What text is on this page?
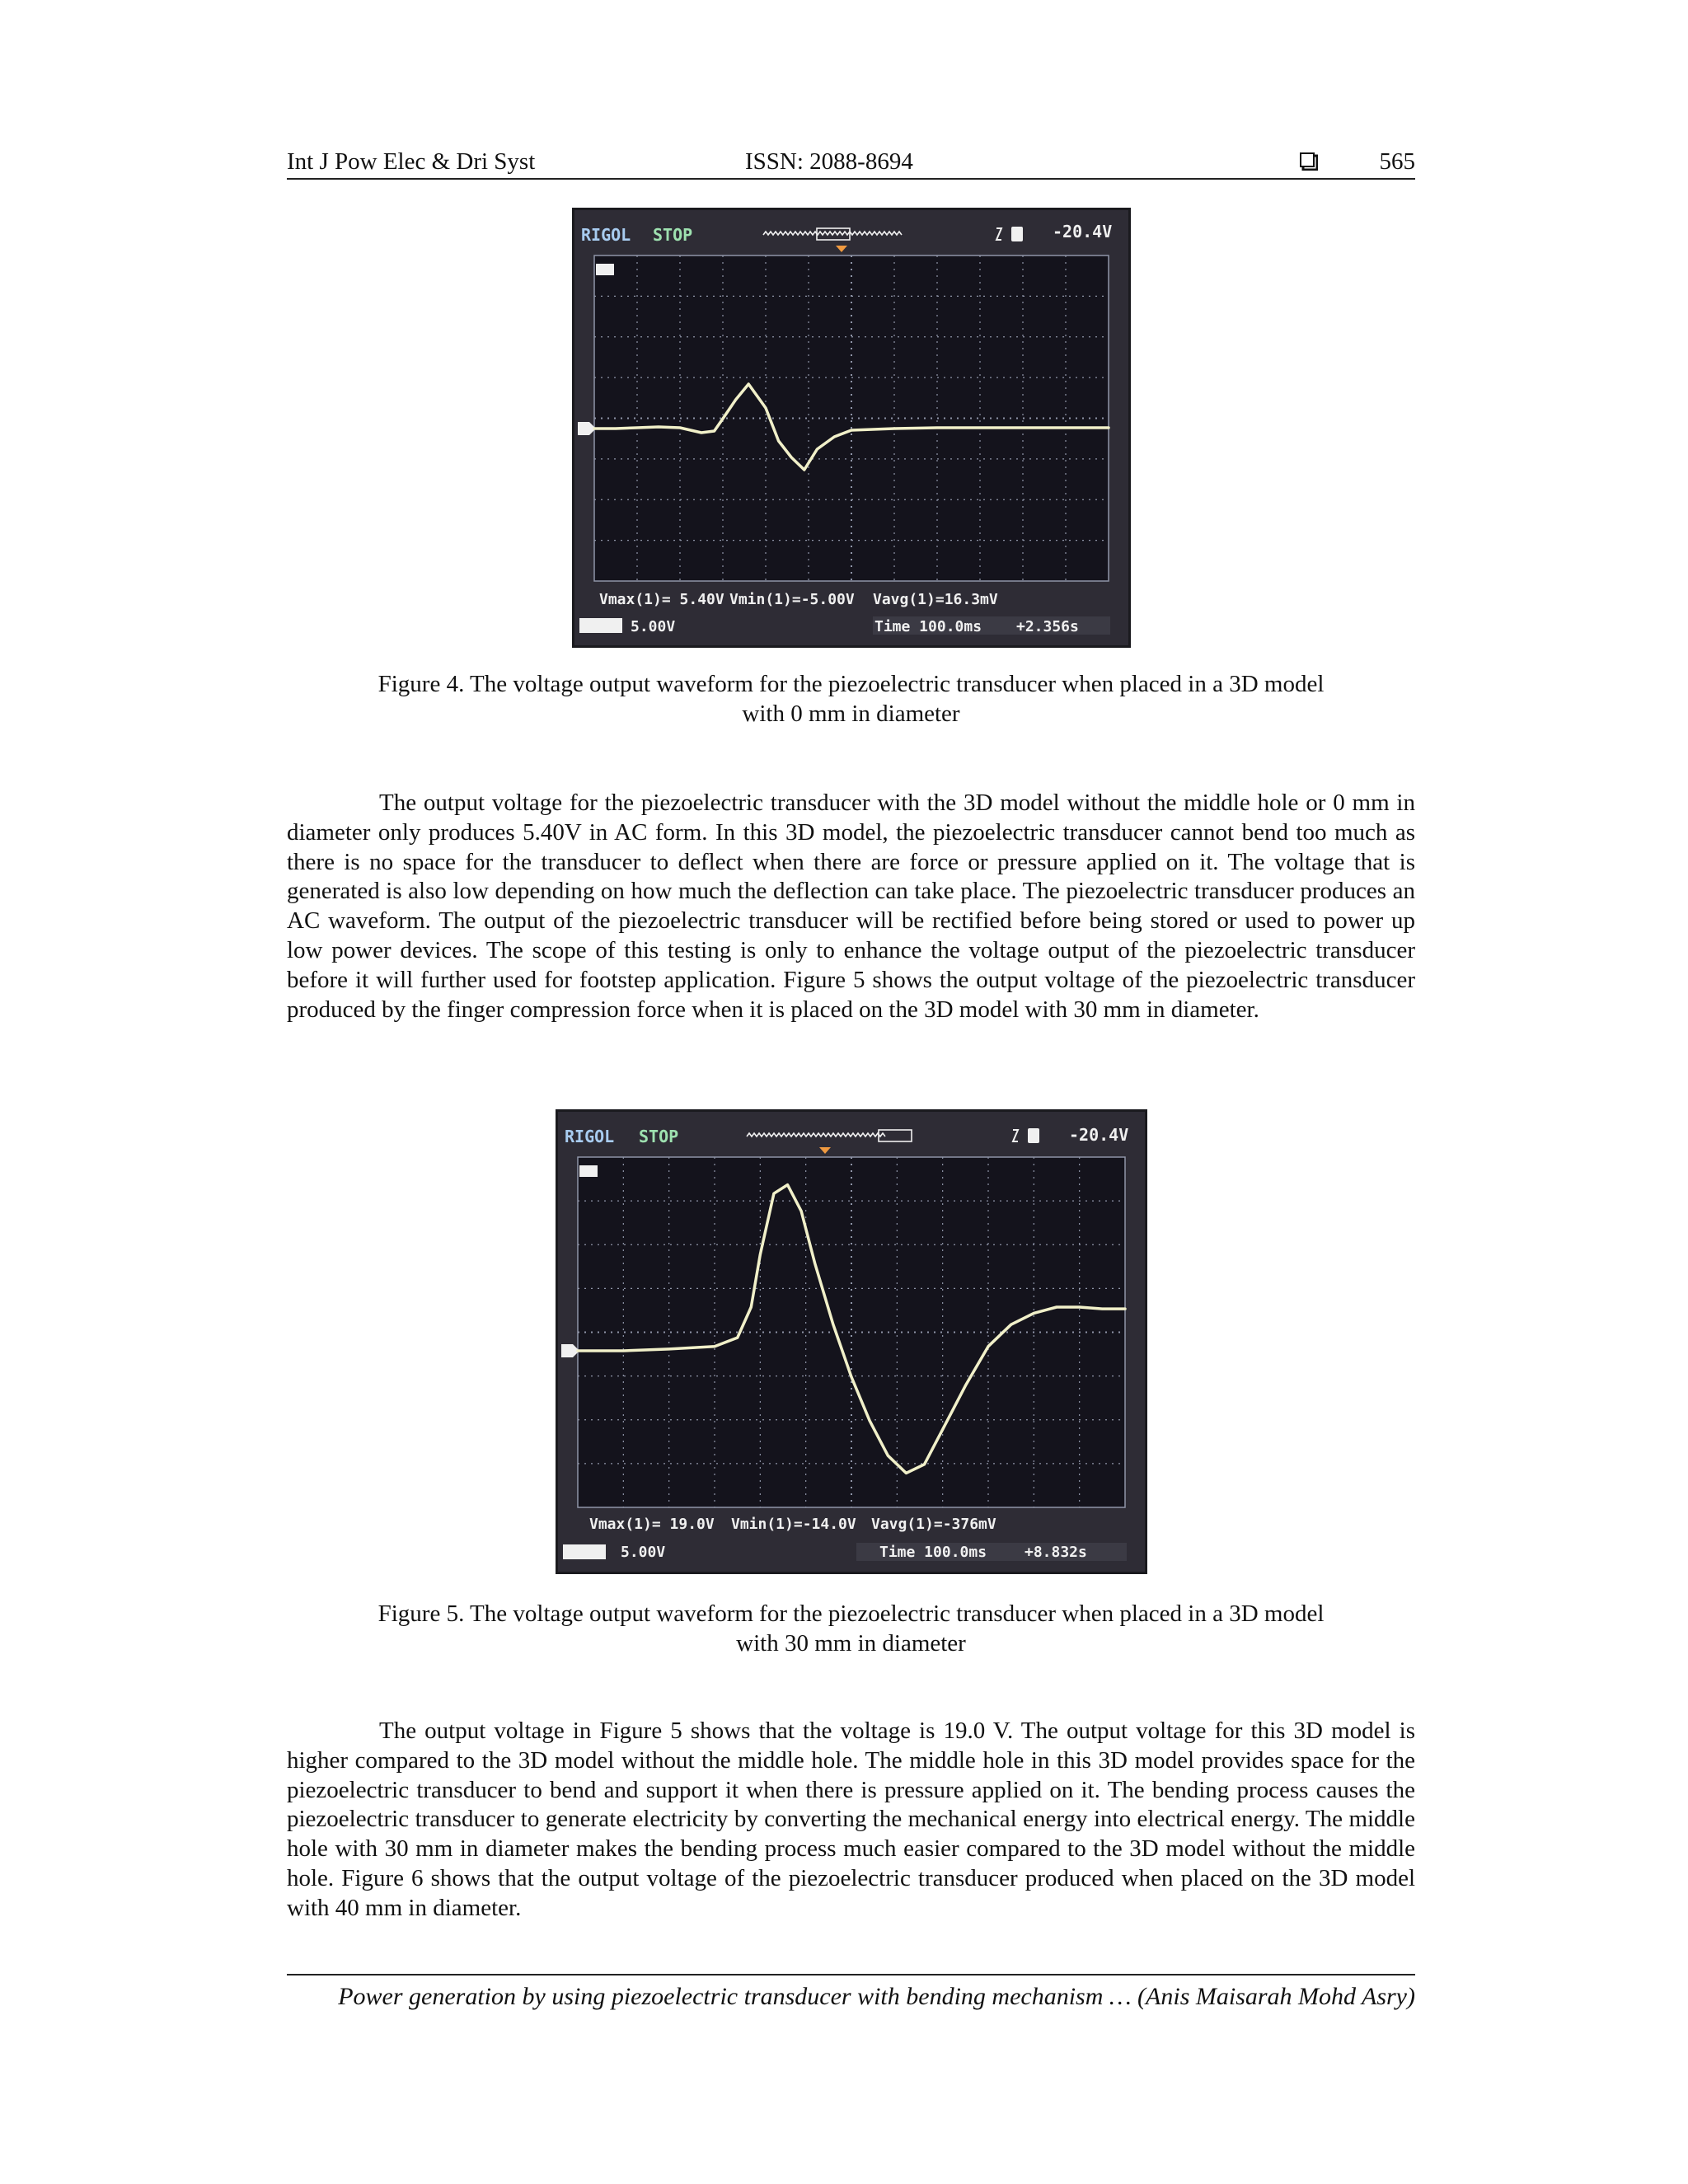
Int J Pow Elec & Dri Syst	ISSN: 2088-8694	565
RIGOL STOP	-20.4V
Vmax(1)= 5.40V Vmin(1)=-5.00V Vavg(1)=16.3mV
5.00V	Time 100.0ms +2.356s
Figure 4. The voltage output waveform for the piezoelectric transducer when placed in a 3D model
with 0 mm in diameter

The output voltage for the piezoelectric transducer with the 3D model without the middle hole or 0 mm in diameter only produces 5.40V in AC form. In this 3D model, the piezoelectric transducer cannot bend too much as there is no space for the transducer to deflect when there are force or pressure applied on it. The voltage that is generated is also low depending on how much the deflection can take place. The piezoelectric transducer produces an AC waveform. The output of the piezoelectric transducer will be rectified before being stored or used to power up low power devices. The scope of this testing is only to enhance the voltage output of the piezoelectric transducer before it will further used for footstep application. Figure 5 shows the output voltage of the piezoelectric transducer produced by the finger compression force when it is placed on the 3D model with 30 mm in diameter.

RIGOL STOP	-20.4V
Vmax(1)= 19.0V Vmin(1)=-14.0V Vavg(1)=-376mV
5.00V	Time 100.0ms	+8.832s
Figure 5. The voltage output waveform for the piezoelectric transducer when placed in a 3D model
with 30 mm in diameter

The output voltage in Figure 5 shows that the voltage is 19.0 V. The output voltage for this 3D model is higher compared to the 3D model without the middle hole. The middle hole in this 3D model provides space for the piezoelectric transducer to bend and support it when there is pressure applied on it. The bending process causes the piezoelectric transducer to generate electricity by converting the mechanical energy into electrical energy. The middle hole with 30 mm in diameter makes the bending process much easier compared to the 3D model without the middle hole. Figure 6 shows that the output voltage of the piezoelectric transducer produced when placed on the 3D model with 40 mm in diameter.

Power generation by using piezoelectric transducer with bending mechanism … (Anis Maisarah Mohd Asry)
